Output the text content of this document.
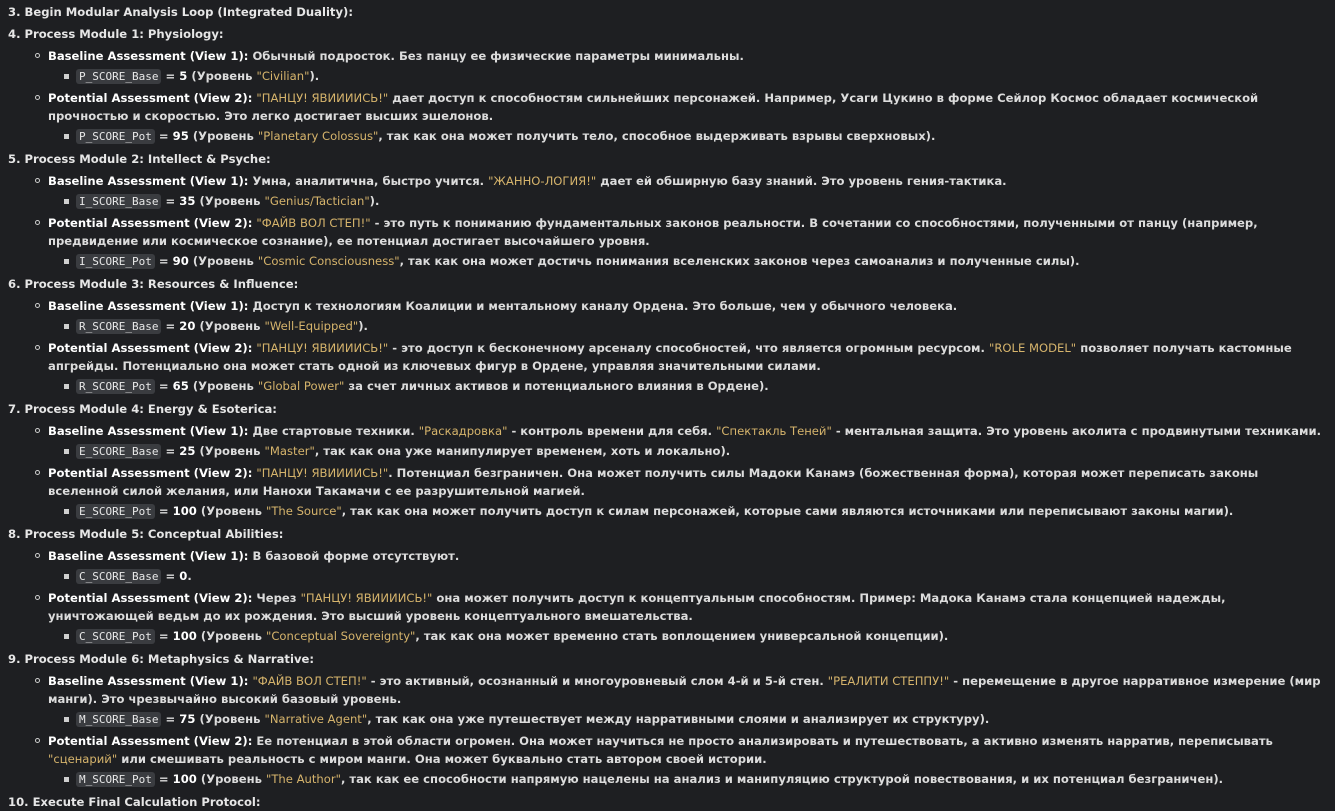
3. Begin Modular Analysis Loop (Integrated Duality):
4. Process Module 1: Physiology:
Baseline Assessment (View 1): Обычный подросток. Без панцу ее физические параметры минимальны.
P_SCORE_Base = 5 (Уровень "Civilian").
Potential Assessment (View 2): "ПАНЦУ! ЯВИИИИСЬ!" дает доступ к способностям сильнейших персонажей. Например, Усаги Цукино в форме Сейлор Космос обладает космической прочностью и скоростью. Это легко достигает высших эшелонов.
P_SCORE_Pot = 95 (Уровень "Planetary Colossus", так как она может получить тело, способное выдерживать взрывы сверхновых).
5. Process Module 2: Intellect & Psyche:
Baseline Assessment (View 1): Умна, аналитична, быстро учится. "ЖАННО-ЛОГИЯ!" дает ей обширную базу знаний. Это уровень гения-тактика.
I_SCORE_Base = 35 (Уровень "Genius/Tactician").
Potential Assessment (View 2): "ФАЙВ ВОЛ СТЕП!" - это путь к пониманию фундаментальных законов реальности. В сочетании со способностями, полученными от панцу (например, предвидение или космическое сознание), ее потенциал достигает высочайшего уровня.
I_SCORE_Pot = 90 (Уровень "Cosmic Consciousness", так как она может достичь понимания вселенских законов через самоанализ и полученные силы).
6. Process Module 3: Resources & Influence:
Baseline Assessment (View 1): Доступ к технологиям Коалиции и ментальному каналу Ордена. Это больше, чем у обычного человека.
R_SCORE_Base = 20 (Уровень "Well-Equipped").
Potential Assessment (View 2): "ПАНЦУ! ЯВИИИИСЬ!" - это доступ к бесконечному арсеналу способностей, что является огромным ресурсом. "ROLE MODEL" позволяет получать кастомные апгрейды. Потенциально она может стать одной из ключевых фигур в Ордене, управляя значительными силами.
R_SCORE_Pot = 65 (Уровень "Global Power" за счет личных активов и потенциального влияния в Ордене).
7. Process Module 4: Energy & Esoterica:
Baseline Assessment (View 1): Две стартовые техники. "Раскадровка" - контроль времени для себя. "Спектакль Теней" - ментальная защита. Это уровень аколита с продвинутыми техниками.
E_SCORE_Base = 25 (Уровень "Master", так как она уже манипулирует временем, хоть и локально).
Potential Assessment (View 2): "ПАНЦУ! ЯВИИИИСЬ!". Потенциал безграничен. Она может получить силы Мадоки Канамэ (божественная форма), которая может переписать законы вселенной силой желания, или Нанохи Такамачи с ее разрушительной магией.
E_SCORE_Pot = 100 (Уровень "The Source", так как она может получить доступ к силам персонажей, которые сами являются источниками или переписывают законы магии).
8. Process Module 5: Conceptual Abilities:
Baseline Assessment (View 1): В базовой форме отсутствуют.
C_SCORE_Base = 0.
Potential Assessment (View 2): Через "ПАНЦУ! ЯВИИИИСЬ!" она может получить доступ к концептуальным способностям. Пример: Мадока Канамэ стала концепцией надежды, уничтожающей ведьм до их рождения. Это высший уровень концептуального вмешательства.
C_SCORE_Pot = 100 (Уровень "Conceptual Sovereignty", так как она может временно стать воплощением универсальной концепции).
9. Process Module 6: Metaphysics & Narrative:
Baseline Assessment (View 1): "ФАЙВ ВОЛ СТЕП!" - это активный, осознанный и многоуровневый слом 4-й и 5-й стен. "РЕАЛИТИ СТЕППУ!" - перемещение в другое нарративное измерение (мир манги). Это чрезвычайно высокий базовый уровень.
M_SCORE_Base = 75 (Уровень "Narrative Agent", так как она уже путешествует между нарративными слоями и анализирует их структуру).
Potential Assessment (View 2): Ее потенциал в этой области огромен. Она может научиться не просто анализировать и путешествовать, а активно изменять нарратив, переписывать "сценарий" или смешивать реальность с миром манги. Она может буквально стать автором своей истории.
M_SCORE_Pot = 100 (Уровень "The Author", так как ее способности напрямую нацелены на анализ и манипуляцию структурой повествования, и их потенциал безграничен).
10. Execute Final Calculation Protocol:
